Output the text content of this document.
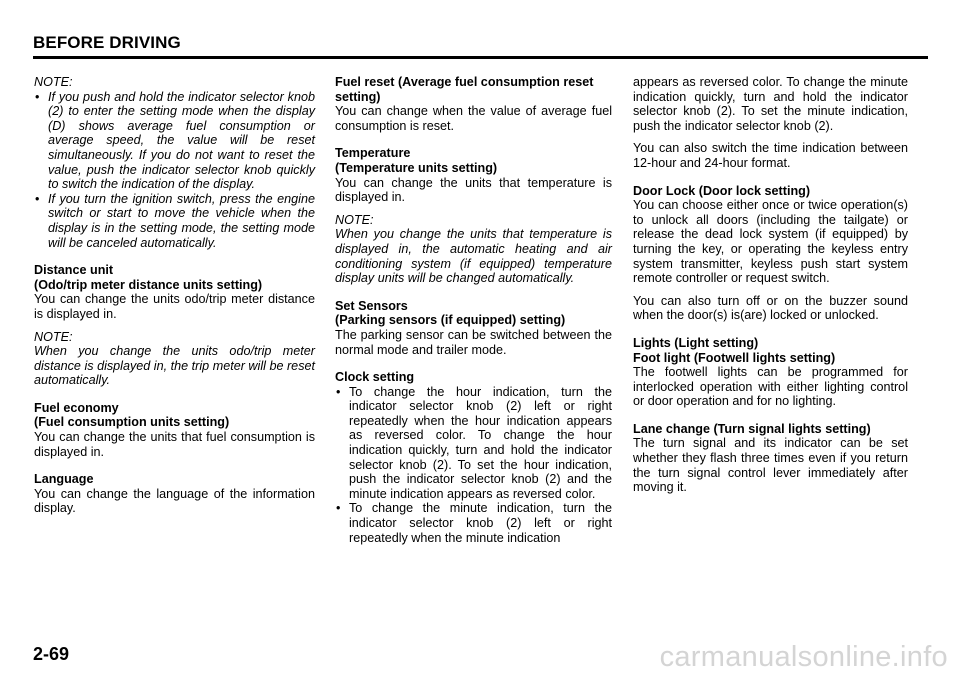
BEFORE DRIVING

NOTE:

• If you push and hold the indicator selector knob (2) to enter the setting mode when the display (D) shows average fuel consumption or average speed, the value will be reset simultaneously. If you do not want to reset the value, push the indicator selector knob quickly to switch the indication of the display.
• If you turn the ignition switch, press the engine switch or start to move the vehicle when the display is in the setting mode, the setting mode will be canceled automatically.

Distance unit

(Odo/trip meter distance units setting)

You can change the units odo/trip meter distance is displayed in.

NOTE:

When you change the units odo/trip meter distance is displayed in, the trip meter will be reset automatically.

Fuel economy

(Fuel consumption units setting)

You can change the units that fuel consumption is displayed in.

Language

You can change the language of the information display.

Fuel reset (Average fuel consumption reset setting)

You can change when the value of average fuel consumption is reset.

Temperature

(Temperature units setting)

You can change the units that temperature is displayed in.

NOTE:

When you change the units that temperature is displayed in, the automatic heating and air conditioning system (if equipped) temperature display units will be changed automatically.

Set Sensors

(Parking sensors (if equipped) setting)

The parking sensor can be switched between the normal mode and trailer mode.

Clock setting

• To change the hour indication, turn the indicator selector knob (2) left or right repeatedly when the hour indication appears as reversed color. To change the hour indication quickly, turn and hold the indicator selector knob (2). To set the hour indication, push the indicator selector knob (2) and the minute indication appears as reversed color.
• To change the minute indication, turn the indicator selector knob (2) left or right repeatedly when the minute indication

appears as reversed color. To change the minute indication quickly, turn and hold the indicator selector knob (2). To set the minute indication, push the indicator selector knob (2).

You can also switch the time indication between 12-hour and 24-hour format.

Door Lock (Door lock setting)

You can choose either once or twice operation(s) to unlock all doors (including the tailgate) or release the dead lock system (if equipped) by turning the key, or operating the keyless entry system transmitter, keyless push start system remote controller or request switch.

You can also turn off or on the buzzer sound when the door(s) is(are) locked or unlocked.

Lights (Light setting)

Foot light (Footwell lights setting)

The footwell lights can be programmed for interlocked operation with either lighting control or door operation and for no lighting.

Lane change (Turn signal lights setting)

The turn signal and its indicator can be set whether they flash three times even if you return the turn signal control lever immediately after moving it.

2-69	carmanualsonline.info
